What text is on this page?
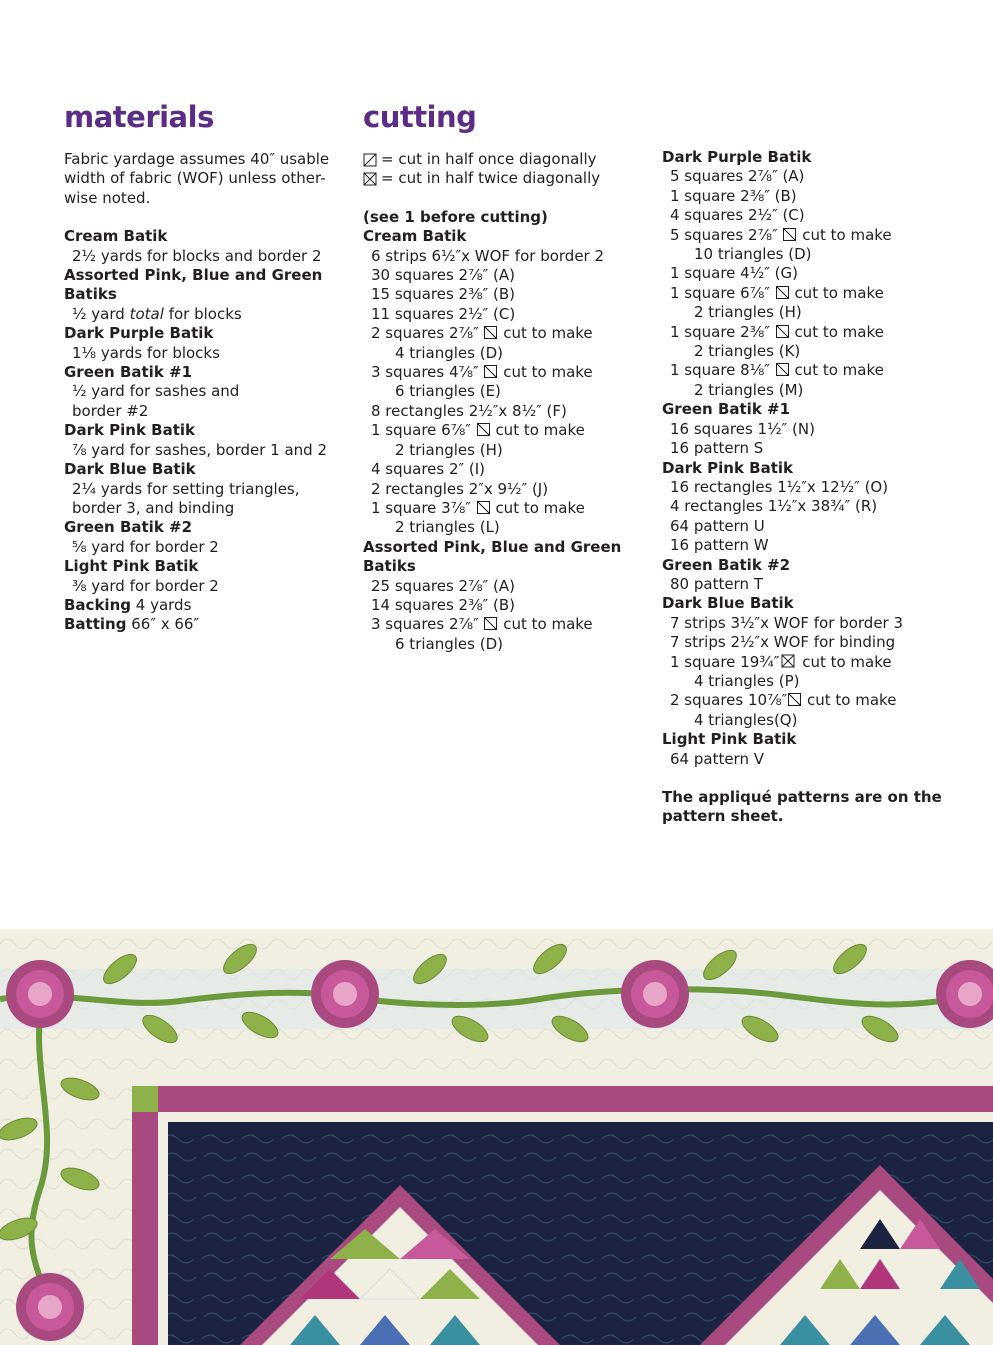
materials

Fabric yardage assumes 40″ usable width of fabric (WOF) unless other-wise noted.

Cream Batik
2½ yards for blocks and border 2
Assorted Pink, Blue and Green Batiks
½ yard total for blocks
Dark Purple Batik
1⅛ yards for blocks
Green Batik #1
½ yard for sashes and
border #2
Dark Pink Batik
⅞ yard for sashes, border 1 and 2
Dark Blue Batik
2¼ yards for setting triangles,
border 3, and binding
Green Batik #2
⅝ yard for border 2
Light Pink Batik
⅜ yard for border 2
Backing 4 yards
Batting 66″ x 66″
cutting
= cut in half once diagonally
= cut in half twice diagonally
(see 1 before cutting)
Cream Batik
6 strips 6½″x WOF for border 2
30 squares 2⅞″ (A)
15 squares 2⅜″ (B)
11 squares 2½″ (C)
2 squares 2⅞″ cut to make
4 triangles (D)
3 squares 4⅞″ cut to make
6 triangles (E)
8 rectangles 2½″x 8½″ (F)
1 square 6⅞″ cut to make
2 triangles (H)
4 squares 2″ (I)
2 rectangles 2″x 9½″ (J)
1 square 3⅞″ cut to make
2 triangles (L)
Assorted Pink, Blue and Green Batiks
25 squares 2⅞″ (A)
14 squares 2⅜″ (B)
3 squares 2⅞″ cut to make
6 triangles (D)
Dark Purple Batik
5 squares 2⅞″ (A)
1 square 2⅜″ (B)
4 squares 2½″ (C)
5 squares 2⅞″ cut to make
10 triangles (D)
1 square 4½″ (G)
1 square 6⅞″ cut to make
2 triangles (H)
1 square 2⅜″ cut to make
2 triangles (K)
1 square 8⅛″ cut to make
2 triangles (M)
Green Batik #1
16 squares 1½″ (N)
16 pattern S
Dark Pink Batik
16 rectangles 1½″x 12½″ (O)
4 rectangles 1½″x 38¾″ (R)
64 pattern U
16 pattern W
Green Batik #2
80 pattern T
Dark Blue Batik
7 strips 3½″x WOF for border 3
7 strips 2½″x WOF for binding
1 square 19¾″ cut to make
4 triangles (P)
2 squares 10⅞″ cut to make
4 triangles(Q)
Light Pink Batik
64 pattern V
The appliqué patterns are on the pattern sheet.
